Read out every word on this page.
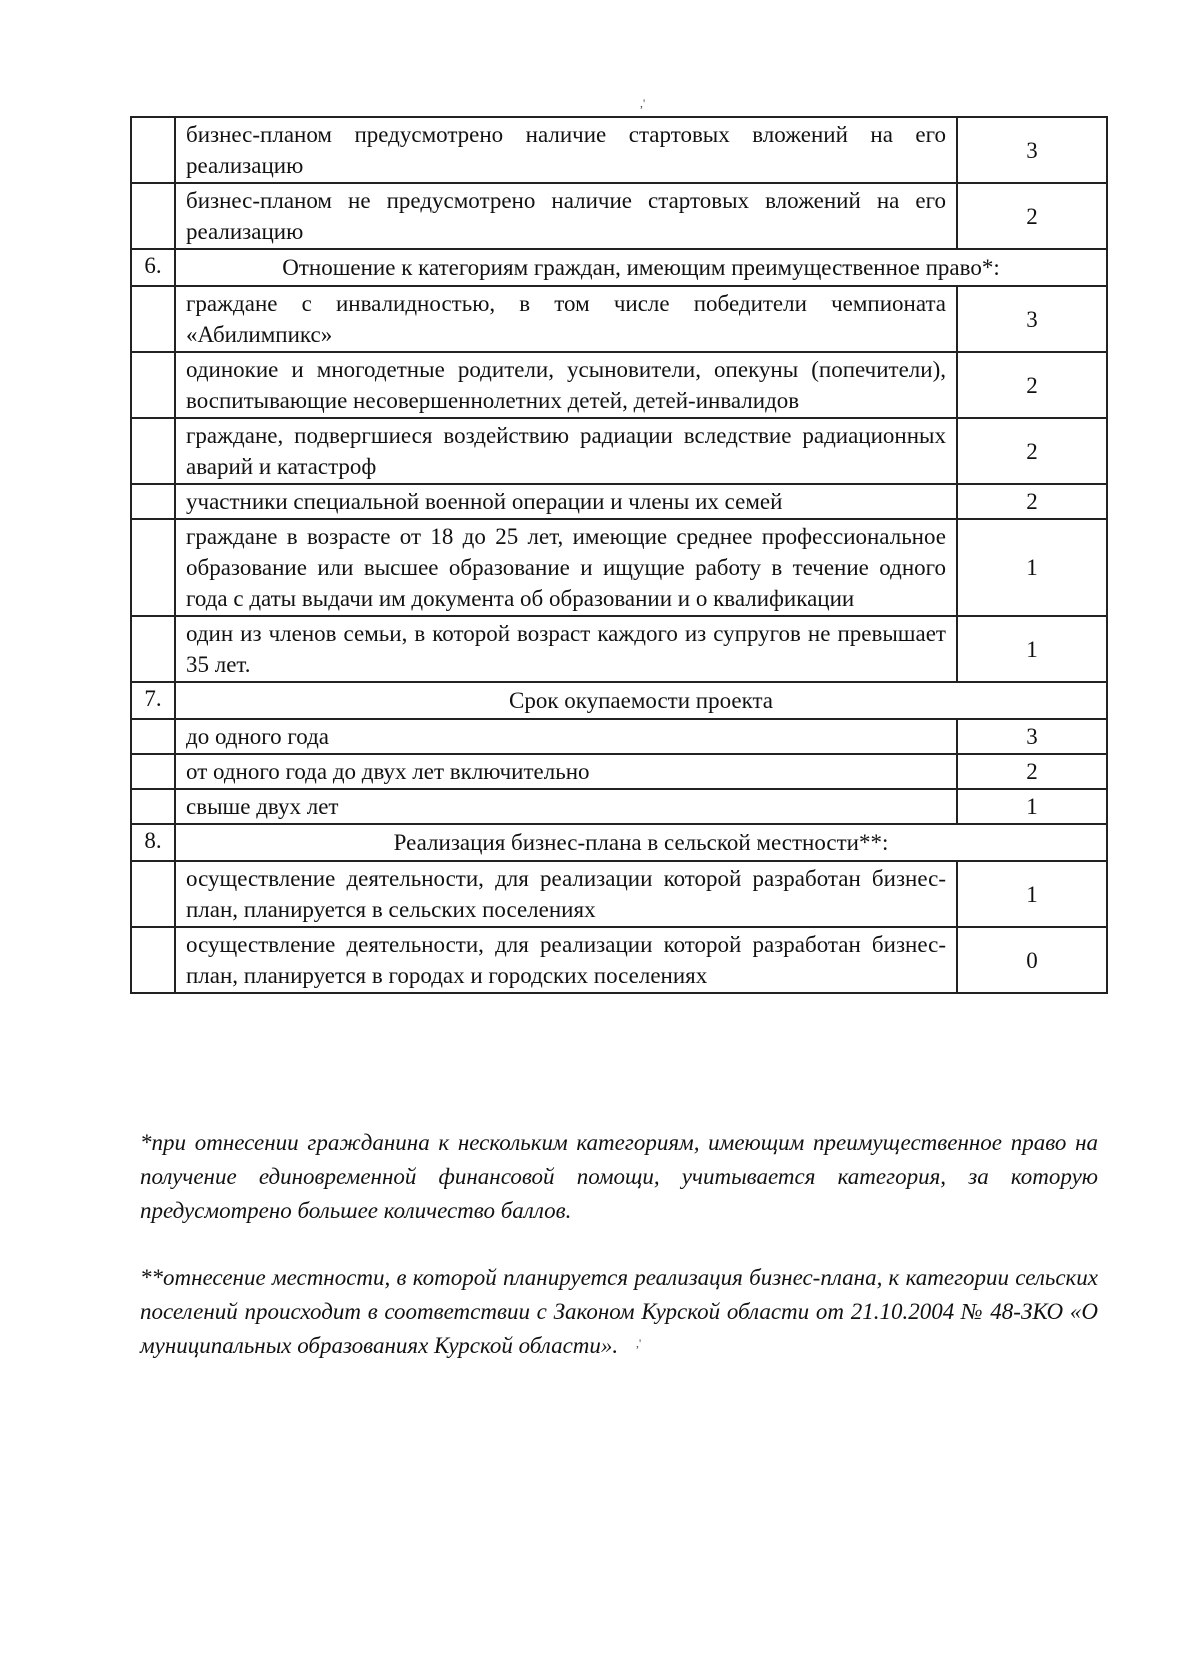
,'
,'
	бизнес-планом предусмотрено наличие стартовых вложений на его реализацию	3
	бизнес-планом не предусмотрено наличие стартовых вложений на его реализацию	2
6.	Отношение к категориям граждан, имеющим преимущественное право*:	
	граждане с инвалидностью, в том числе победители чемпионата «Абилимпикс»	3
	одинокие и многодетные родители, усыновители, опекуны (попечители), воспитывающие несовершеннолетних детей, детей-инвалидов	2
	граждане, подвергшиеся воздействию радиации вследствие радиационных аварий и катастроф	2
	участники специальной военной операции и члены их семей	2
	граждане в возрасте от 18 до 25 лет, имеющие среднее профессиональное образование или высшее образование и ищущие работу в течение одного года с даты выдачи им документа об образовании и о квалификации	1
	один из членов семьи, в которой возраст каждого из супругов не превышает 35 лет.	1
7.	Срок окупаемости проекта	
	до одного года	3
	от одного года до двух лет включительно	2
	свыше двух лет	1
8.	Реализация бизнес-плана в сельской местности**:	
	осуществление деятельности, для реализации которой разработан бизнес-план, планируется в сельских поселениях	1
	осуществление деятельности, для реализации которой разработан бизнес-план, планируется в городах и городских поселениях	0

*при отнесении гражданина к нескольким категориям, имеющим преимущественное право на получение единовременной финансовой помощи, учитывается категория, за которую предусмотрено большее количество баллов.

**отнесение местности, в которой планируется реализация бизнес-плана, к категории сельских поселений происходит в соответствии с Законом Курской области от 21.10.2004 № 48-ЗКО «О муниципальных образованиях Курской области».
